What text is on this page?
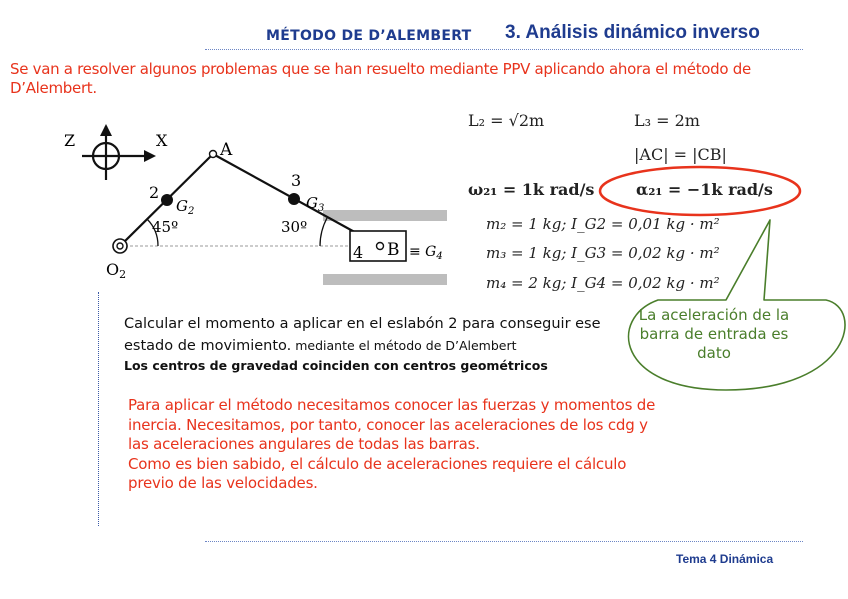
MÉTODO DE D’ALEMBERT 3. Análisis dinámico inverso
Se van a resolver algunos problemas que se han resuelto mediante PPV aplicando ahora el método de D’Alembert.
Z	X	A
2
$G_2$
3
$G_3$
45º	30º
4 $B \equiv G_4$
O2
L₂ = √2m	L₃ = 2m
|AC| = |CB|
ω₂₁ = 1k rad/s	α₂₁ = −1k rad/s
m₂ = 1 kg; I_G2 = 0,01 kg · m²
m₃ = 1 kg; I_G3 = 0,02 kg · m²
m₄ = 2 kg; I_G4 = 0,02 kg · m²
La aceleración de la barra de entrada es dato
Calcular el momento a aplicar en el eslabón 2 para conseguir ese
estado de movimiento. mediante el método de D’Alembert
Los centros de gravedad coinciden con centros geométricos
Para aplicar el método necesitamos conocer las fuerzas y momentos de
inercia. Necesitamos, por tanto, conocer las aceleraciones de los cdg y
las aceleraciones angulares de todas las barras.
Como es bien sabido, el cálculo de aceleraciones requiere el cálculo
previo de las velocidades.
Tema 4 Dinámica
